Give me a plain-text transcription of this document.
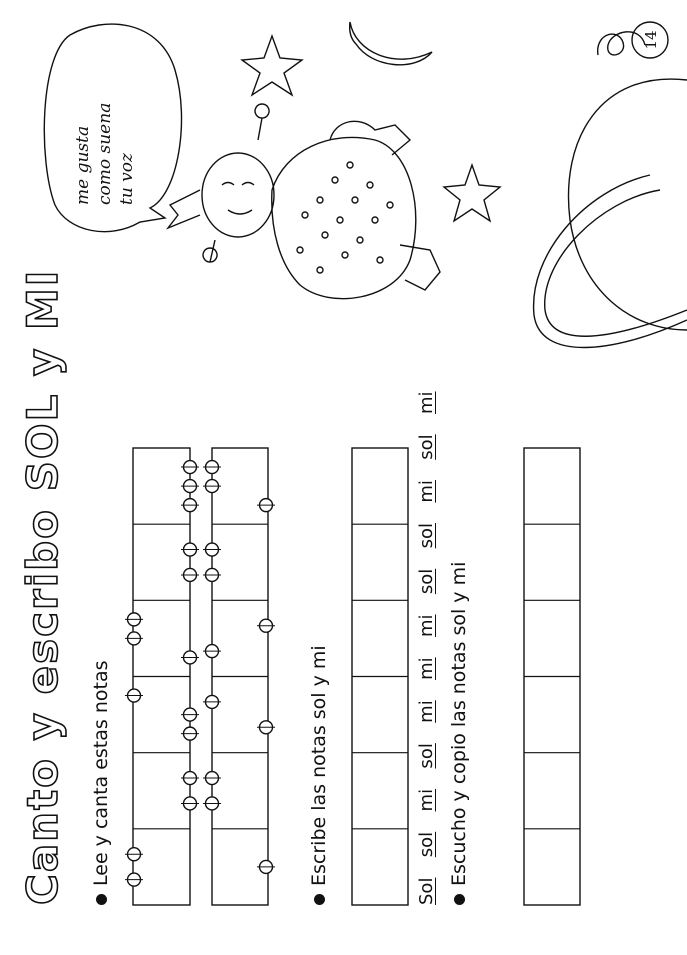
14
me gusta como suena tu voz
Canto y escribo SOL y MI Lee y canta estas notas	Escribe las notas sol y mi
Sol    sol    mi    sol    mi    mi    mi    sol    sol    mi    sol    mi
Escucho y copio las notas sol y mi
